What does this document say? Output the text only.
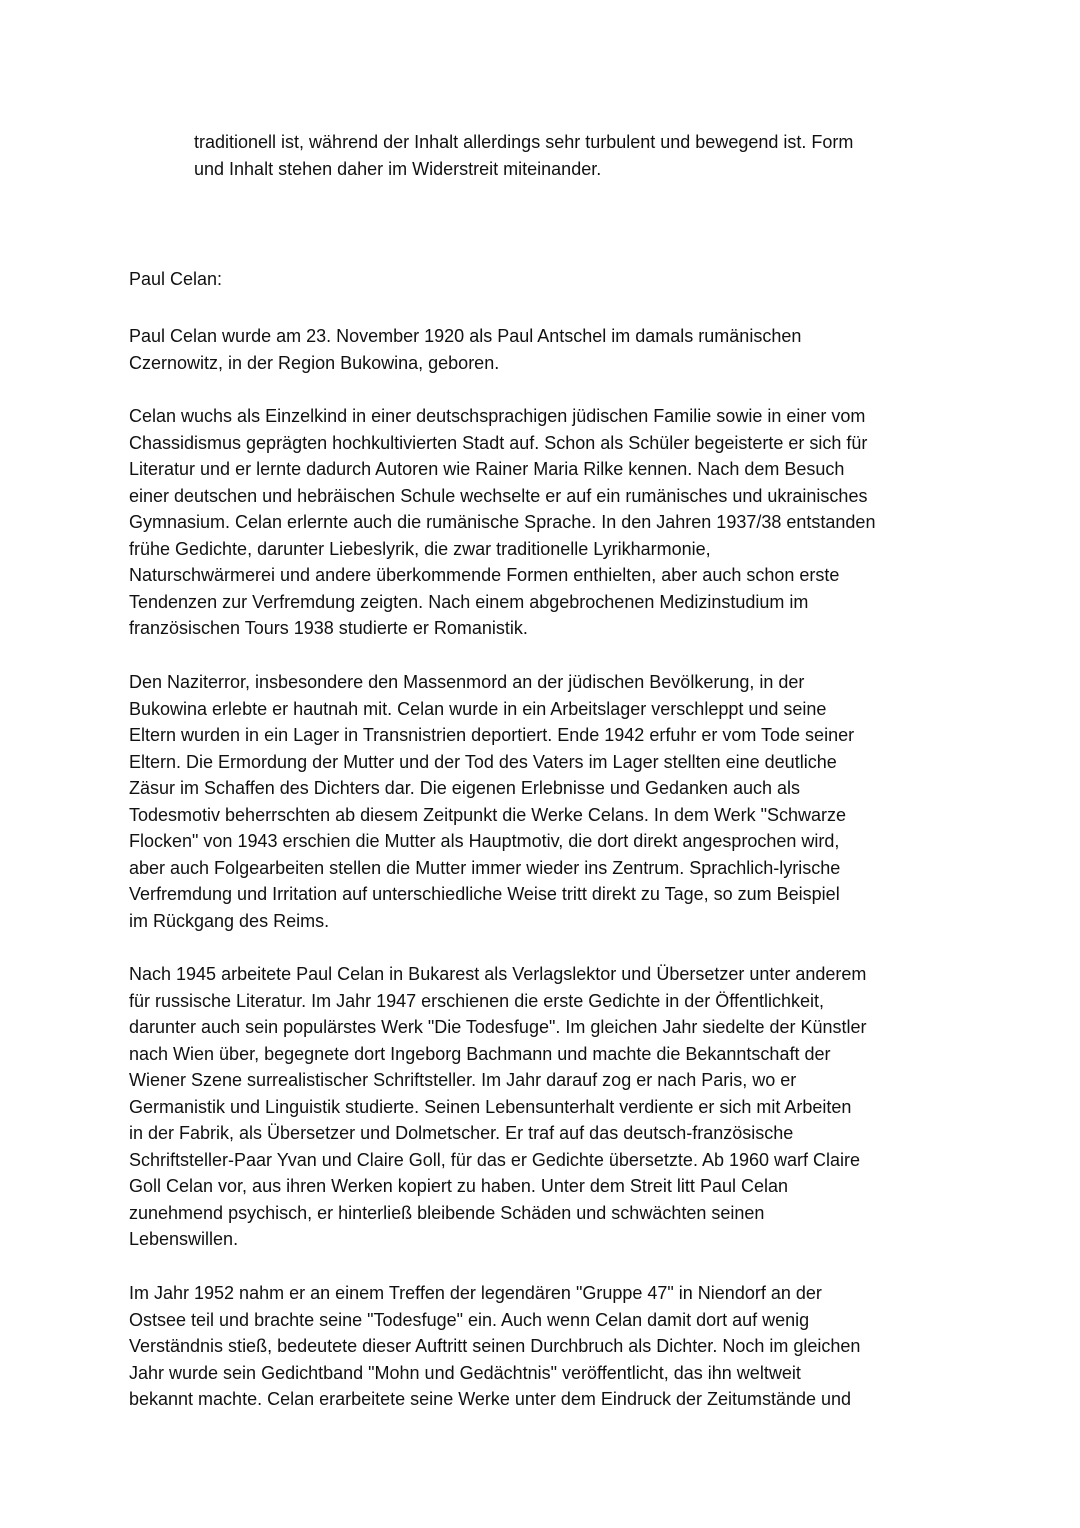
traditionell ist, während der Inhalt allerdings sehr turbulent und bewegend ist. Form
und Inhalt stehen daher im Widerstreit miteinander.
Paul Celan:
Paul Celan wurde am 23. November 1920 als Paul Antschel im damals rumänischen
Czernowitz, in der Region Bukowina, geboren.
Celan wuchs als Einzelkind in einer deutschsprachigen jüdischen Familie sowie in einer vom
Chassidismus geprägten hochkultivierten Stadt auf. Schon als Schüler begeisterte er sich für
Literatur und er lernte dadurch Autoren wie Rainer Maria Rilke kennen. Nach dem Besuch
einer deutschen und hebräischen Schule wechselte er auf ein rumänisches und ukrainisches
Gymnasium. Celan erlernte auch die rumänische Sprache. In den Jahren 1937/38 entstanden
frühe Gedichte, darunter Liebeslyrik, die zwar traditionelle Lyrikharmonie,
Naturschwärmerei und andere überkommende Formen enthielten, aber auch schon erste
Tendenzen zur Verfremdung zeigten. Nach einem abgebrochenen Medizinstudium im
französischen Tours 1938 studierte er Romanistik.
Den Naziterror, insbesondere den Massenmord an der jüdischen Bevölkerung, in der
Bukowina erlebte er hautnah mit. Celan wurde in ein Arbeitslager verschleppt und seine
Eltern wurden in ein Lager in Transnistrien deportiert. Ende 1942 erfuhr er vom Tode seiner
Eltern. Die Ermordung der Mutter und der Tod des Vaters im Lager stellten eine deutliche
Zäsur im Schaffen des Dichters dar. Die eigenen Erlebnisse und Gedanken auch als
Todesmotiv beherrschten ab diesem Zeitpunkt die Werke Celans. In dem Werk "Schwarze
Flocken" von 1943 erschien die Mutter als Hauptmotiv, die dort direkt angesprochen wird,
aber auch Folgearbeiten stellen die Mutter immer wieder ins Zentrum. Sprachlich-lyrische
Verfremdung und Irritation auf unterschiedliche Weise tritt direkt zu Tage, so zum Beispiel
im Rückgang des Reims.
Nach 1945 arbeitete Paul Celan in Bukarest als Verlagslektor und Übersetzer unter anderem
für russische Literatur. Im Jahr 1947 erschienen die erste Gedichte in der Öffentlichkeit,
darunter auch sein populärstes Werk "Die Todesfuge". Im gleichen Jahr siedelte der Künstler
nach Wien über, begegnete dort Ingeborg Bachmann und machte die Bekanntschaft der
Wiener Szene surrealistischer Schriftsteller. Im Jahr darauf zog er nach Paris, wo er
Germanistik und Linguistik studierte. Seinen Lebensunterhalt verdiente er sich mit Arbeiten
in der Fabrik, als Übersetzer und Dolmetscher. Er traf auf das deutsch-französische
Schriftsteller-Paar Yvan und Claire Goll, für das er Gedichte übersetzte. Ab 1960 warf Claire
Goll Celan vor, aus ihren Werken kopiert zu haben. Unter dem Streit litt Paul Celan
zunehmend psychisch, er hinterließ bleibende Schäden und schwächten seinen
Lebenswillen.
Im Jahr 1952 nahm er an einem Treffen der legendären "Gruppe 47" in Niendorf an der
Ostsee teil und brachte seine "Todesfuge" ein. Auch wenn Celan damit dort auf wenig
Verständnis stieß, bedeutete dieser Auftritt seinen Durchbruch als Dichter. Noch im gleichen
Jahr wurde sein Gedichtband "Mohn und Gedächtnis" veröffentlicht, das ihn weltweit
bekannt machte. Celan erarbeitete seine Werke unter dem Eindruck der Zeitumstände und
